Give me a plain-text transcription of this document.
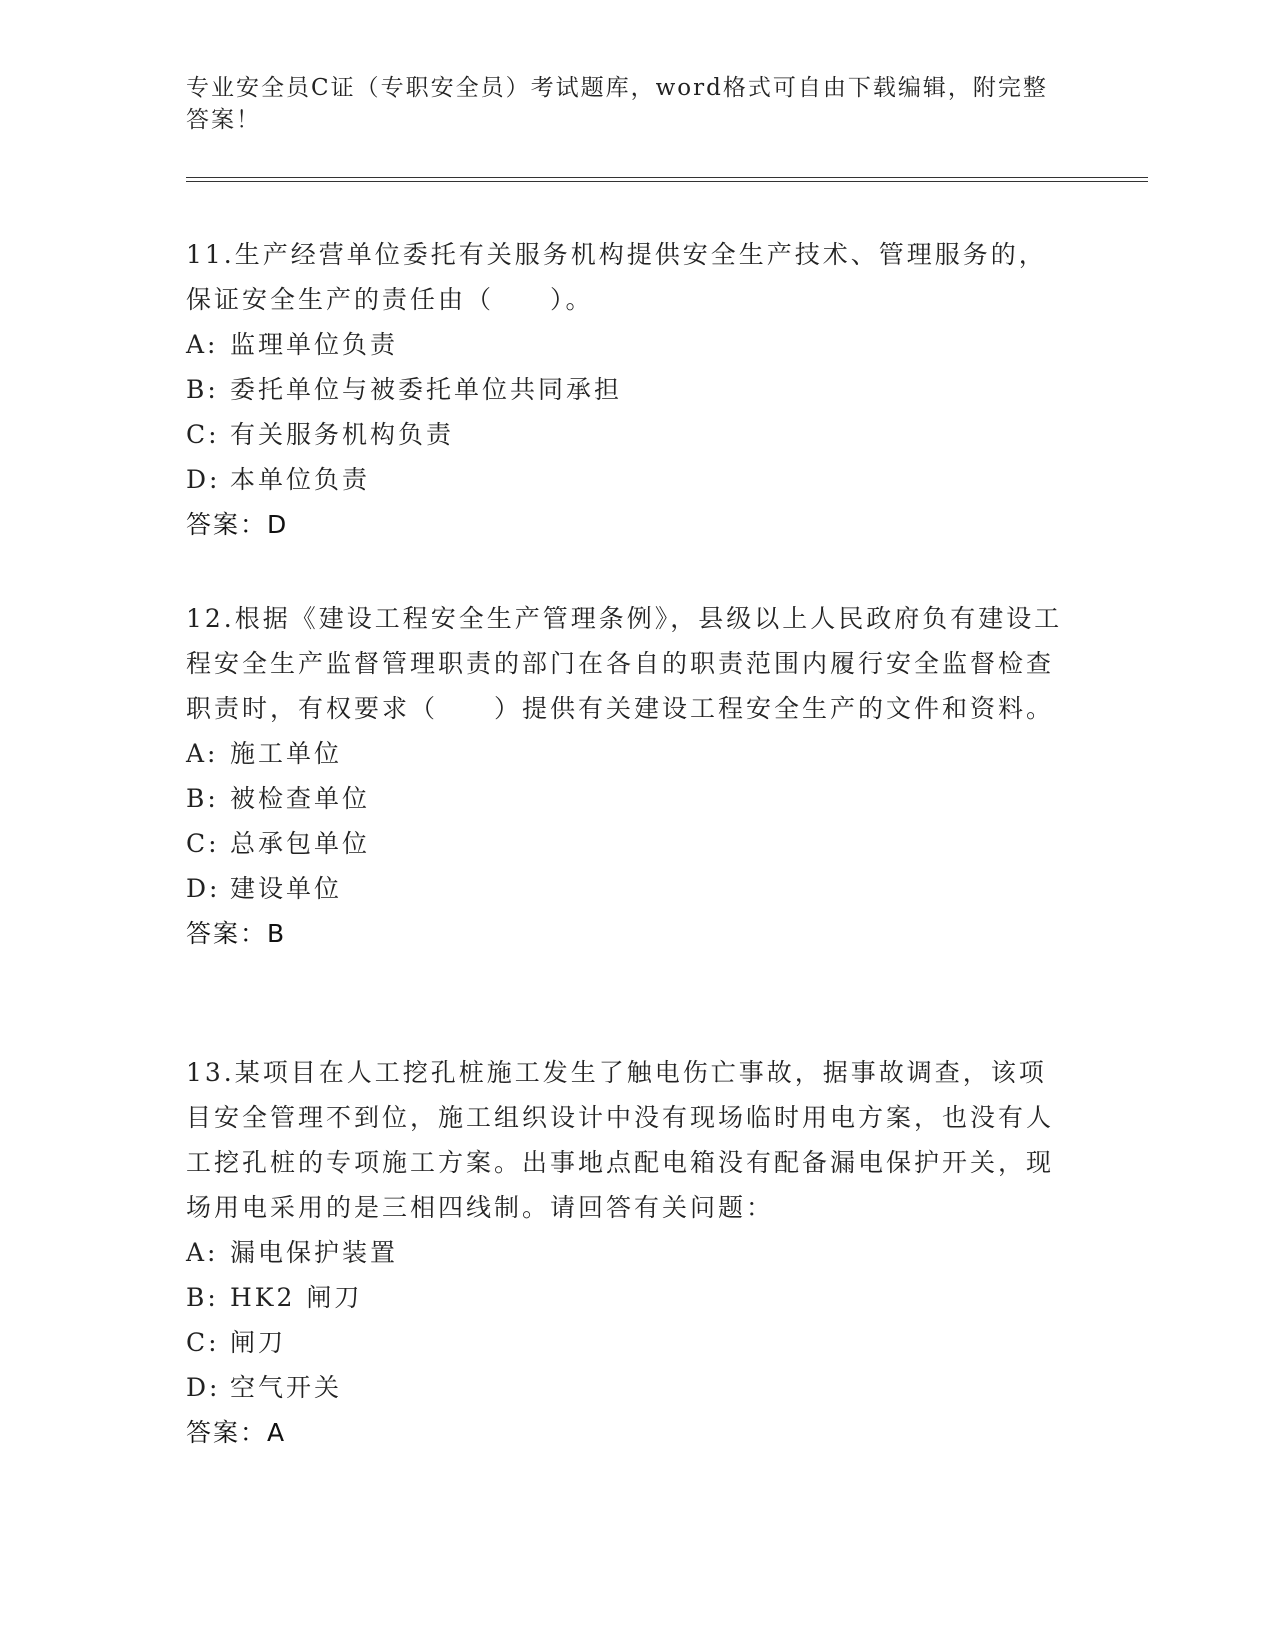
专业安全员C证（专职安全员）考试题库，word格式可自由下载编辑，附完整答案！

11.生产经营单位委托有关服务机构提供安全生产技术、管理服务的，保证安全生产的责任由（　　）。

A: 监理单位负责

B: 委托单位与被委托单位共同承担

C: 有关服务机构负责

D: 本单位负责

答案：D

12.根据《建设工程安全生产管理条例》，县级以上人民政府负有建设工程安全生产监督管理职责的部门在各自的职责范围内履行安全监督检查职责时，有权要求（　　）提供有关建设工程安全生产的文件和资料。

A: 施工单位

B: 被检查单位

C: 总承包单位

D: 建设单位

答案：B

13.某项目在人工挖孔桩施工发生了触电伤亡事故，据事故调查，该项目安全管理不到位，施工组织设计中没有现场临时用电方案，也没有人工挖孔桩的专项施工方案。出事地点配电箱没有配备漏电保护开关，现场用电采用的是三相四线制。请回答有关问题：

A: 漏电保护装置

B: HK2 闸刀

C: 闸刀

D: 空气开关

答案：A
